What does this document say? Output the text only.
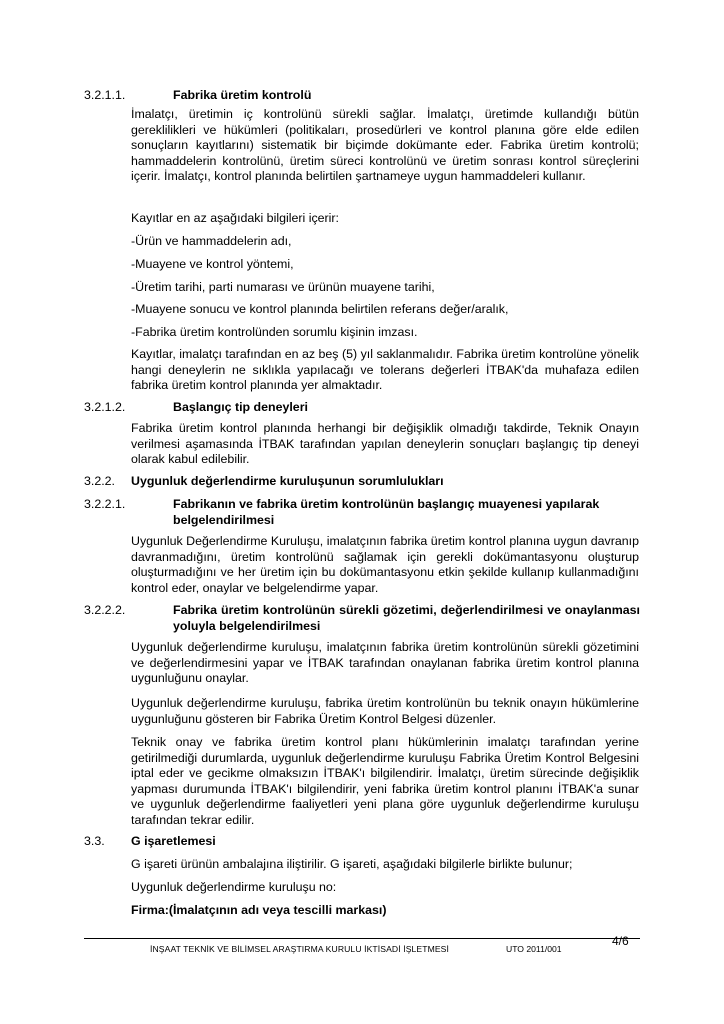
3.2.1.1.	Fabrika üretim kontrolü

İmalatçı, üretimin iç kontrolünü sürekli sağlar. İmalatçı, üretimde kullandığı bütün gereklilikleri ve hükümleri (politikaları, prosedürleri ve kontrol planına göre elde edilen sonuçların kayıtlarını) sistematik bir biçimde dokümante eder. Fabrika üretim kontrolü; hammaddelerin kontrolünü, üretim süreci kontrolünü ve üretim sonrası kontrol süreçlerini içerir. İmalatçı, kontrol planında belirtilen şartnameye uygun hammaddeleri kullanır.

Kayıtlar en az aşağıdaki bilgileri içerir:

-Ürün ve hammaddelerin adı,

-Muayene ve kontrol yöntemi,

-Üretim tarihi, parti numarası ve ürünün muayene tarihi,

-Muayene sonucu ve kontrol planında belirtilen referans değer/aralık,

-Fabrika üretim kontrolünden sorumlu kişinin imzası.

Kayıtlar, imalatçı tarafından en az beş (5) yıl saklanmalıdır. Fabrika üretim kontrolüne yönelik hangi deneylerin ne sıklıkla yapılacağı ve tolerans değerleri İTBAK'da muhafaza edilen fabrika üretim kontrol planında yer almaktadır.

3.2.1.2.	Başlangıç tip deneyleri

Fabrika üretim kontrol planında herhangi bir değişiklik olmadığı takdirde, Teknik Onayın verilmesi aşamasında İTBAK tarafından yapılan deneylerin sonuçları başlangıç tip deneyi olarak kabul edilebilir.

3.2.2. Uygunluk değerlendirme kuruluşunun sorumlulukları
3.2.2.1.	Fabrikanın ve fabrika üretim kontrolünün başlangıç muayenesi yapılarak belgelendirilmesi

Uygunluk Değerlendirme Kuruluşu, imalatçının fabrika üretim kontrol planına uygun davranıp davranmadığını, üretim kontrolünü sağlamak için gerekli dokümantasyonu oluşturup oluşturmadığını ve her üretim için bu dokümantasyonu etkin şekilde kullanıp kullanmadığını kontrol eder, onaylar ve belgelendirme yapar.

3.2.2.2.	Fabrika üretim kontrolünün sürekli gözetimi, değerlendirilmesi ve onaylanması yoluyla belgelendirilmesi

Uygunluk değerlendirme kuruluşu, imalatçının fabrika üretim kontrolünün sürekli gözetimini ve değerlendirmesini yapar ve İTBAK tarafından onaylanan fabrika üretim kontrol planına uygunluğunu onaylar.

Uygunluk değerlendirme kuruluşu, fabrika üretim kontrolünün bu teknik onayın hükümlerine uygunluğunu gösteren bir Fabrika Üretim Kontrol Belgesi düzenler.

Teknik onay ve fabrika üretim kontrol planı hükümlerinin imalatçı tarafından yerine getirilmediği durumlarda, uygunluk değerlendirme kuruluşu Fabrika Üretim Kontrol Belgesini iptal eder ve gecikme olmaksızın İTBAK'ı bilgilendirir. İmalatçı, üretim sürecinde değişiklik yapması durumunda İTBAK'ı bilgilendirir, yeni fabrika üretim kontrol planını İTBAK'a sunar ve uygunluk değerlendirme faaliyetleri yeni plana göre uygunluk değerlendirme kuruluşu tarafından tekrar edilir.

3.3. G işaretlemesi

G işareti ürünün ambalajına iliştirilir. G işareti, aşağıdaki bilgilerle birlikte bulunur;

Uygunluk değerlendirme kuruluşu no:

Firma:(İmalatçının adı veya tescilli markası)

İNŞAAT TEKNİK VE BİLİMSEL ARAŞTIRMA KURULU İKTİSADİ İŞLETMESİ	UTO 2011/001
4/6
